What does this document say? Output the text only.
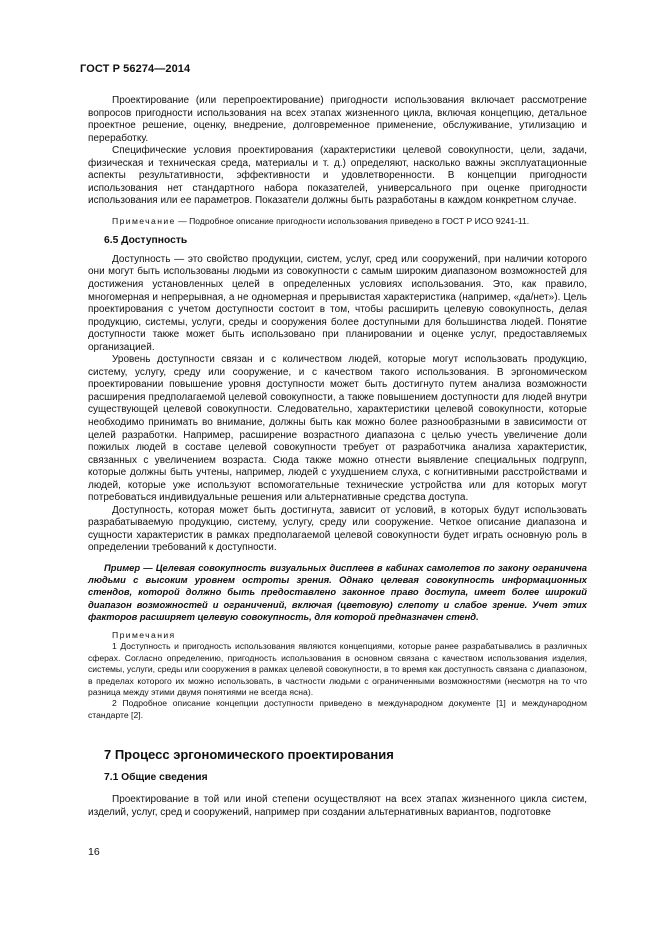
ГОСТ Р 56274—2014

Проектирование (или перепроектирование) пригодности использования включает рассмотрение вопросов пригодности использования на всех этапах жизненного цикла, включая концепцию, детальное проектное решение, оценку, внедрение, долговременное применение, обслуживание, утилизацию и переработку.

Специфические условия проектирования (характеристики целевой совокупности, цели, задачи, физическая и техническая среда, материалы и т. д.) определяют, насколько важны эксплуатационные аспекты результативности, эффективности и удовлетворенности. В концепции пригодности использования нет стандартного набора показателей, универсального при оценке пригодности использования или ее параметров. Показатели должны быть разработаны в каждом конкретном случае.

Примечание — Подробное описание пригодности использования приведено в ГОСТ Р ИСО 9241-11.

6.5 Доступность

Доступность — это свойство продукции, систем, услуг, сред или сооружений, при наличии которого они могут быть использованы людьми из совокупности с самым широким диапазоном возможностей для достижения установленных целей в определенных условиях использования. Это, как правило, многомерная и непрерывная, а не одномерная и прерывистая характеристика (например, «да/нет»). Цель проектирования с учетом доступности состоит в том, чтобы расширить целевую совокупность, делая продукцию, системы, услуги, среды и сооружения более доступными для большинства людей. Понятие доступности также может быть использовано при планировании и оценке услуг, предоставляемых организацией.

Уровень доступности связан и с количеством людей, которые могут использовать продукцию, систему, услугу, среду или сооружение, и с качеством такого использования. В эргономическом проектировании повышение уровня доступности может быть достигнуто путем анализа возможности расширения предполагаемой целевой совокупности, а также повышением доступности для людей внутри существующей целевой совокупности. Следовательно, характеристики целевой совокупности, которые необходимо принимать во внимание, должны быть как можно более разнообразными в зависимости от целей разработки. Например, расширение возрастного диапазона с целью учесть увеличение доли пожилых людей в составе целевой совокупности требует от разработчика анализа характеристик, связанных с увеличением возраста. Сюда также можно отнести выявление специальных подгрупп, которые должны быть учтены, например, людей с ухудшением слуха, с когнитивными расстройствами и людей, которые уже используют вспомогательные технические устройства или для которых могут потребоваться индивидуальные решения или альтернативные средства доступа.

Доступность, которая может быть достигнута, зависит от условий, в которых будут использовать разрабатываемую продукцию, систему, услугу, среду или сооружение. Четкое описание диапазона и сущности характеристик в рамках предполагаемой целевой совокупности будет играть основную роль в определении требований к доступности.

Пример — Целевая совокупность визуальных дисплеев в кабинах самолетов по закону ограничена людьми с высоким уровнем остроты зрения. Однако целевая совокупность информационных стендов, которой должно быть предоставлено законное право доступа, имеет более широкий диапазон возможностей и ограничений, включая (цветовую) слепоту и слабое зрение. Учет этих факторов расширяет целевую совокупность, для которой предназначен стенд.

Примечания

1 Доступность и пригодность использования являются концепциями, которые ранее разрабатывались в различных сферах. Согласно определению, пригодность использования в основном связана с качеством использования изделия, системы, услуги, среды или сооружения в рамках целевой совокупности, в то время как доступность связана с диапазоном, в пределах которого их можно использовать, в частности людьми с ограниченными возможностями (несмотря на то что разница между этими двумя понятиями не всегда ясна).

2 Подробное описание концепции доступности приведено в международном документе [1] и международном стандарте [2].

7 Процесс эргономического проектирования
7.1 Общие сведения

Проектирование в той или иной степени осуществляют на всех этапах жизненного цикла систем, изделий, услуг, сред и сооружений, например при создании альтернативных вариантов, подготовке

16
